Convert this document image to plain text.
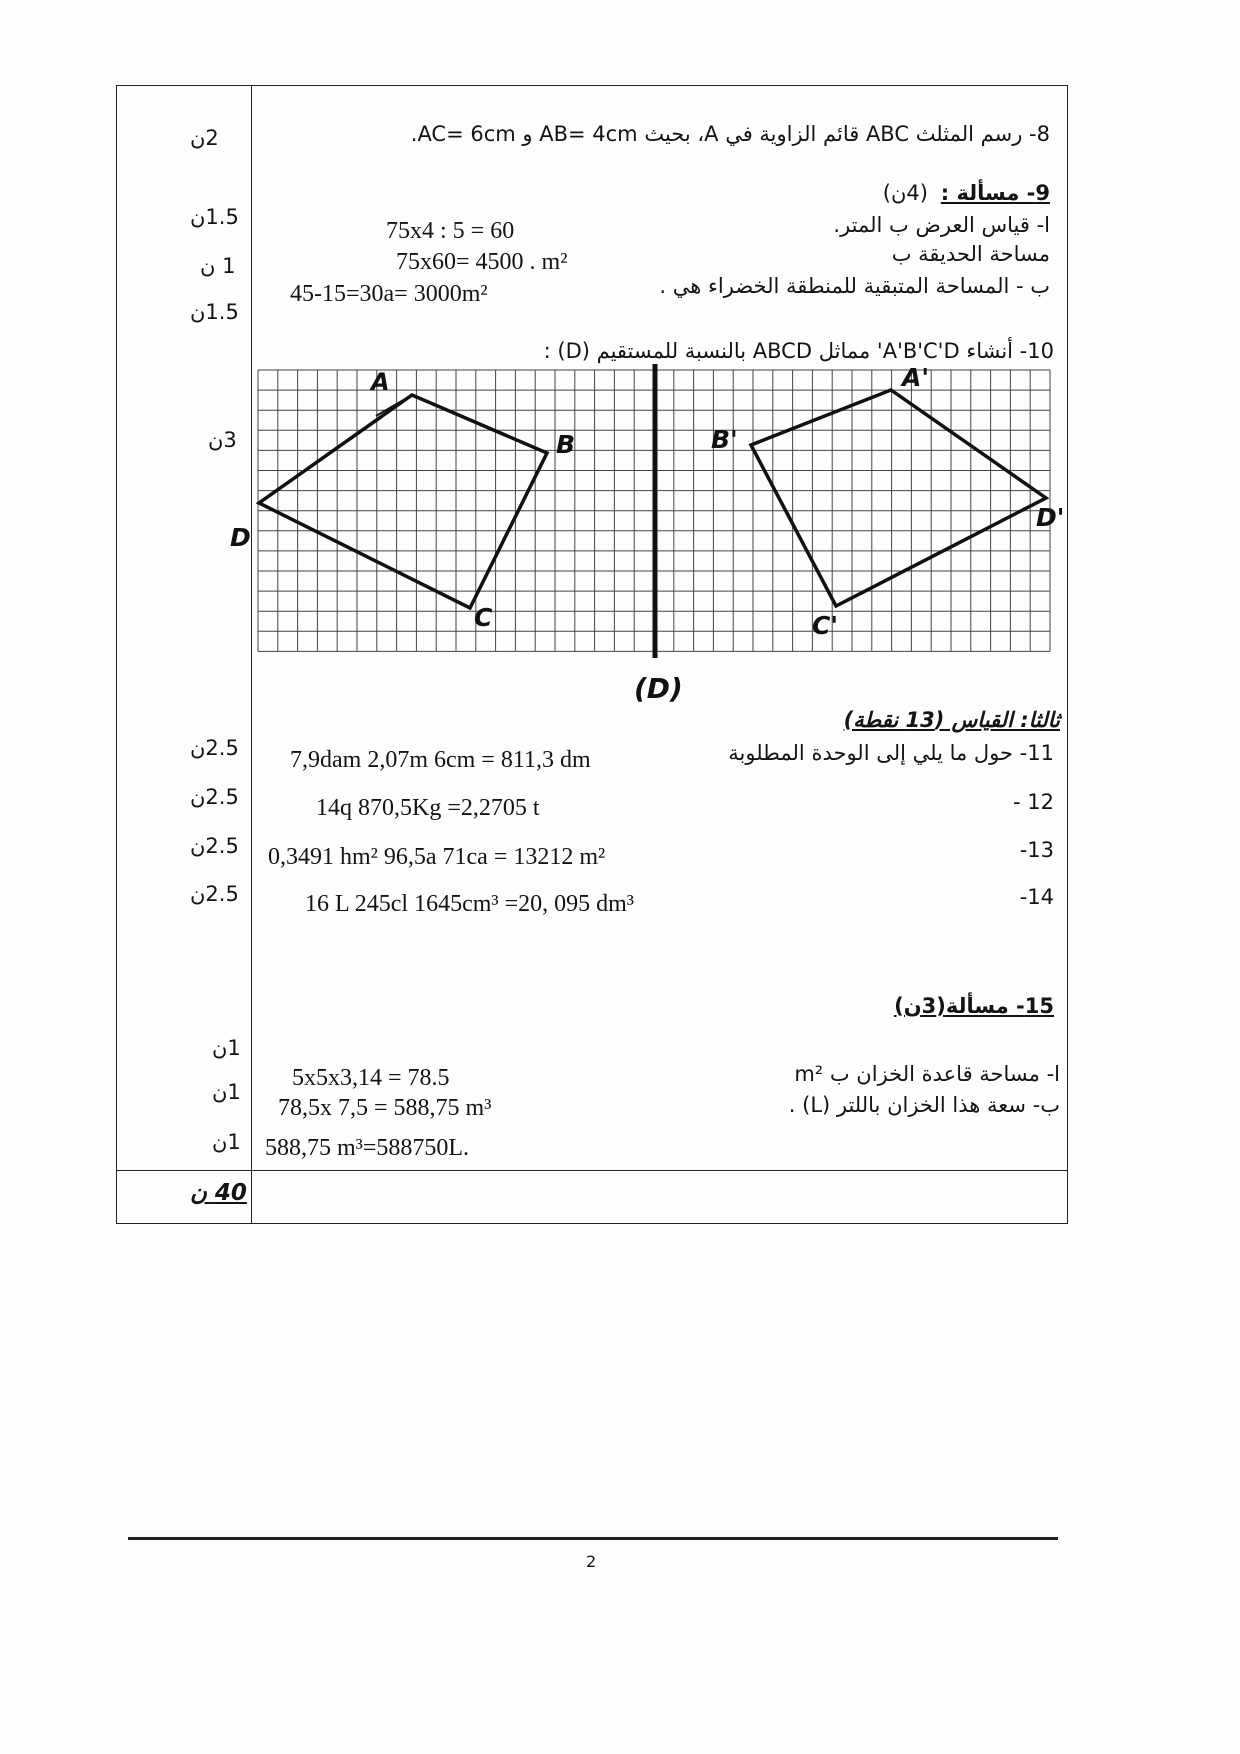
8- رسم المثلث ABC قائم الزاوية في A، بحيث AB= 4cm و AC= 6cm.
2ن
9- مسألة :
(4ن)
ا- قياس العرض ب المتر.
مساحة الحديقة ب
ب - المساحة المتبقية للمنطقة الخضراء هي .
75x4 : 5 = 60
75x60= 4500 . m²
45-15=30a= 3000m²
1.5ن
1 ن
1.5ن
10- أنشاء A'B'C'D' مماثل ABCD بالنسبة للمستقيم (D) :
3ن
A
B
C
D
A'
B'
C'
D'
(D)
ثالثا: القياس (13 نقطة)
11- حول ما يلي إلى الوحدة المطلوبة
7,9dam 2,07m 6cm = 811,3 dm
2.5ن
- 12
14q 870,5Kg =2,2705 t
2.5ن
-13
0,3491 hm² 96,5a 71ca = 13212 m²
2.5ن
-14
16 L 245cl 1645cm³ =20, 095 dm³
2.5ن
15- مسألة(3ن)
ا- مساحة قاعدة الخزان ب m²
ب- سعة هذا الخزان باللتر (L) .
5x5x3,14 = 78.5
78,5x 7,5 = 588,75 m³
588,75 m³=588750L.
1ن
1ن
1ن
40 ن
2
